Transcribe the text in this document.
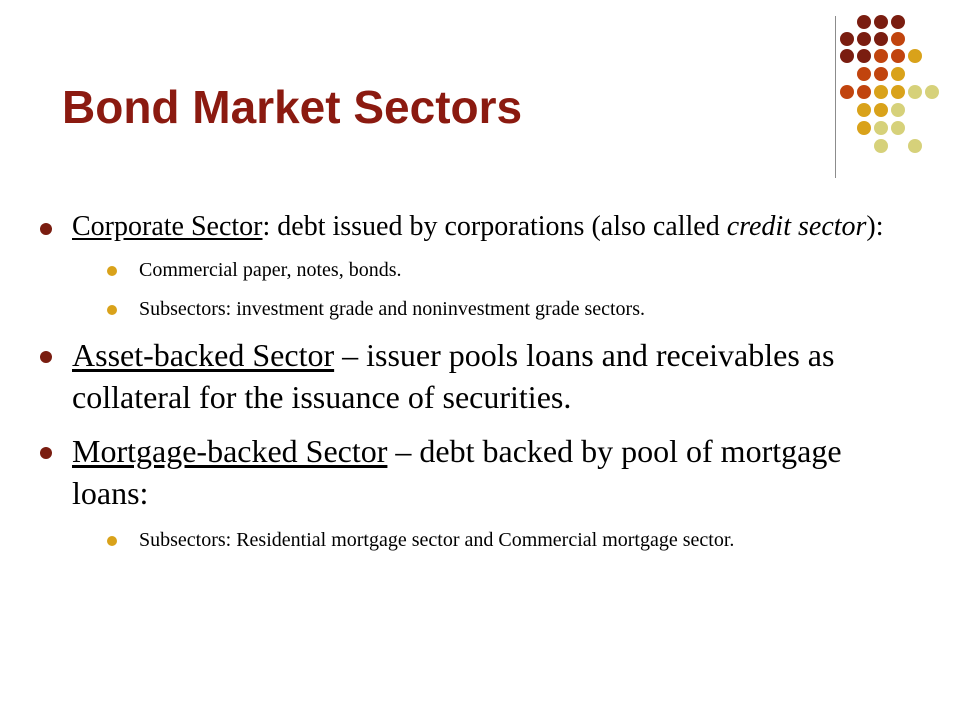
Bond Market Sectors
Corporate Sector: debt issued by corporations (also called credit sector):
Commercial paper, notes, bonds.
Subsectors: investment grade and noninvestment grade sectors.
Asset-backed Sector – issuer pools loans and receivables as collateral for the issuance of securities.
Mortgage-backed Sector – debt backed by pool of mortgage loans:
Subsectors: Residential mortgage sector and Commercial mortgage sector.
